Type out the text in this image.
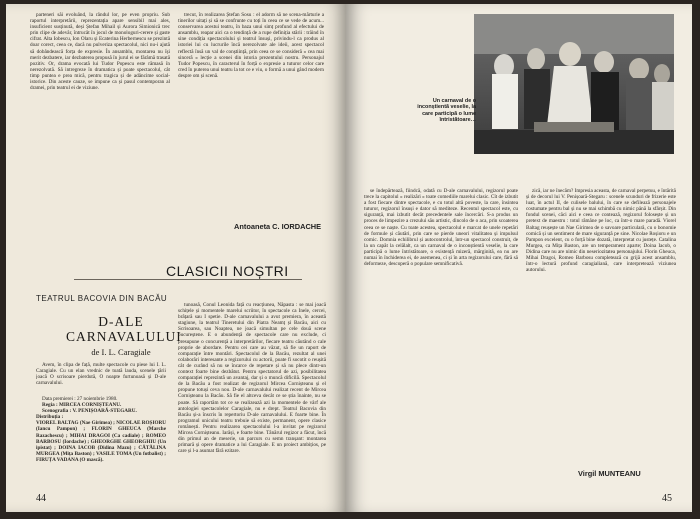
parteneri săi evoluând, la rândul lor, pe even propriu. Sub raportul interpretării, reprezentația apare sensibil mai ales, insuficient susținută, deși Ștefan Mihail și Aurora Simionică trec prin clipe de adevăr, întrucât în jocul de monologuri-cerere și gaste cifrat. Alta Iobescu, Ion Olaru și Ecaterina Herbernescu se prezintă doar corect, ceea ce, dacă nu pulveriza spectacolul, nici nu-i ajută să dobândească forța de expresie. În ansamblu, montarea nu își merit dezbatere, iar dezbaterea propusă în jurul ei se fărâmă trasată pozitiv. Or, drama evocată lui Tudor Popescu este rămasă în nerezolvată. Să intregreze în dramatica și poate spectacolul, cât timp puntea e prea mică, pentru tragica și de adâncime social-istorice. Din aceste cauze, se impune ca și pasul contemporan al dramei, prin teatrul ei de viziune.

trecut, în realizarea Ștefan Sosu : el adorm să ne scena-mărturie a tinerilor uitați și să se confrunte cu toți în ceea ce se vede de acum... conservarea acestui teatru, în baza unui simț profund al efectului de ansamblu, reapar aici ca o tendință de a rupe definiția stării : trăind în sine condiția spectacolului și teatrul însuși, privindu-l ca produs al istoriei lui cu lucrurile încă nerezolvate ale ideii, acest spectacol reflectă însă un val de conștiință, prin ceea ce se consideră « cea mai sinceră » lecție a scenei din istoria prezentului nostru. Personajul Tudor Popescu, în caracterul în forță o expresie a tuturor celor care cred în puterea unui teatru la tot ce e viu, o formă a unui gând modern despre om și scenă.

Antoaneta C. IORDACHE
CLASICII NOȘTRI
TEATRUL BACOVIA DIN BACĂU
D-ALE CARNAVALULUI
de I. L. Caragiale

Avem, în clipa de față, multe spectacole cu piese lui I. L. Caragiale. Cu un elan vrednic de toată lauda, scenele țării joacă O scrisoare pierdută, O noapte furtunoasă și D-ale carnavalului.

Data premierei : 27 noiembrie 1980.
Regia : MIRCEA CORNIȘTEANU.
Scenografia : V. PENIȘOARĂ-STEGARU.
Distribuția :
VIOREL BALTAG (Nae Girimea) ; NICOLAE ROȘIORU (Iancu Pampon) ; FLORIN GHEUCA (Marche Razachescu) ; MIHAI DRAGOI (Ca cadiale) ; ROMEO BARBOSU (Iordache) ; GHEORGHE GHEORGHIU (Un ipistat) ; DOINA IACOB (Didina Mazu) ; CĂTĂLINA MURGEA (Mița Baston) ; VASILE TOMA (Un fotbalist) ; FIRUȚA VADANA (O mască).

tunoasă, Conul Leonida față cu reacțiunea, Năpasta : se mai joacă schițele și momentele marelui scriitor, în spectacole ca Inele, cercei, brățară sau I spetie. D-ale carnavalului a avut premiera, în această stagiune, la teatrul Tineretului din Piatra Neamț și Bacău, aici cu Scrisoarea, sau Noaptea, ne joacă simultan pe cele două scene bucureștene. E o abundență de spectacole care nu exclude, ci presupune o concurență a interpretărilor, fiecare teatru căutând o cale proprie de abordare. Pentru cei care au văzut, să fie un raport de comparație între montări. Spectacolul de la Bacău, rezultat al unei colaborări interesante a regizorului cu actorii, poate fi socotit o reușită cât de curând să nu se încarce de repetare și să nu plece dintr-un context foarte bine dezbătut. Pentru spectatorul de azi, posibilitatea comparației reprezintă un avantaj, dar și o muncă dificilă. Spectacolul de la Bacău a fost realizat de regizorul Mircea Cornișteanu și el propune totuși ceva nou. D-ale carnavalului realizat recent de Mircea Cornișteanu la Bacău. Să fie el altceva decât ce se știa înainte, nu se poate. Să raportăm tot ce se realizează azi la momentele de vârf ale antologiei spectacolelor Caragiale, nu e drept. Teatrul Bacovia din Bacău și-a înscris în repertoriu D-ale carnavalului. E foarte bine. În programul unicului teatru trebuie să existe, permanent, opere clasice românești. Pentru realizarea spectacolului l-a invitat pe regizorul Mircea Cornișteanu. Iarăși, e foarte bine. Tânărul regizor a făcut, încă din primul an de meserie, un parcurs cu semn tranșant: montarea primară și opere dramatice a lui Caragiale. E un proiect ambițios, pe care și l-a asumat fără ezitare.

44
Un carnaval de o inconștientă veselie, la care participă o lume întristătoare…

se îndepărtează, fiindcă, odată cu D-ale carnavalului, regizorul poate trece la capitolul « realizări » toate comediile marelui clasic. Cît de izbutit a fost fiecare dintre spectacole, e cu totul altă poveste, la care, însintea tuturor, regizorul însuși e dator să mediteze. Recentul spectacol este, cu siguranță, mai izbutit decât precedentele sale încercări. S-a produs un proces de limpezire a crezului său artistic, dincolo de o aca, prin scoaterea ceea ce se naște. Cu toate acestea, spectacolul e marcat de unele repetări de formule și căutări, prin care se pierde uneori vitalitatea și impulsul comic. Domnia echilibrul și autocontrolul, într-un spectacol construit, de la un capăt la celălalt, ca un carnaval de o inconștientă veselie, la care participă o lume întristătoare, o existență mizeră, mărginită, ea nu are numai în închiderea ei, de asemenea, ci și în arta regizorului care, fără să deformeze, descoperă o populare semnificativă.

zică, iar ne înecăm? Impresia aceasta, de carnaval perpetuu, e întărită și de decorul lui V. Penișoară-Stegaru : scenele scunduri de frizerie este luat, în actul II, de culisele balului, în care se defilează personajele costumate pentru bal și nu se mai schimbă cu nimic până la sfârșit. Din fondul scenei, căci aici e ceea ce contează, regizorul folosește și un pretext de maestru : totul rămâne pe loc, ca într-o mare paradă. Viorel Baltag reușește un Nae Girimea de o savoare particulară, cu o bonomie comică și un sentiment de mare siguranță pe sine. Nicolae Roșioru e un Pampon excelent, cu o forță bine dozată, interpretat cu justețe. Catalina Murgea, ca Mița Baston, are un temperament aparte; Doina Iacob, o Didina care nu are nimic din neseriozitatea personajului. Florin Gheuca, Mihai Dragoi, Romeo Barbosu completează cu grijă acest ansamblu, într-o lectură profund caragialiană, care interpretează viziunea autorului.

Virgil MUNTEANU
45
